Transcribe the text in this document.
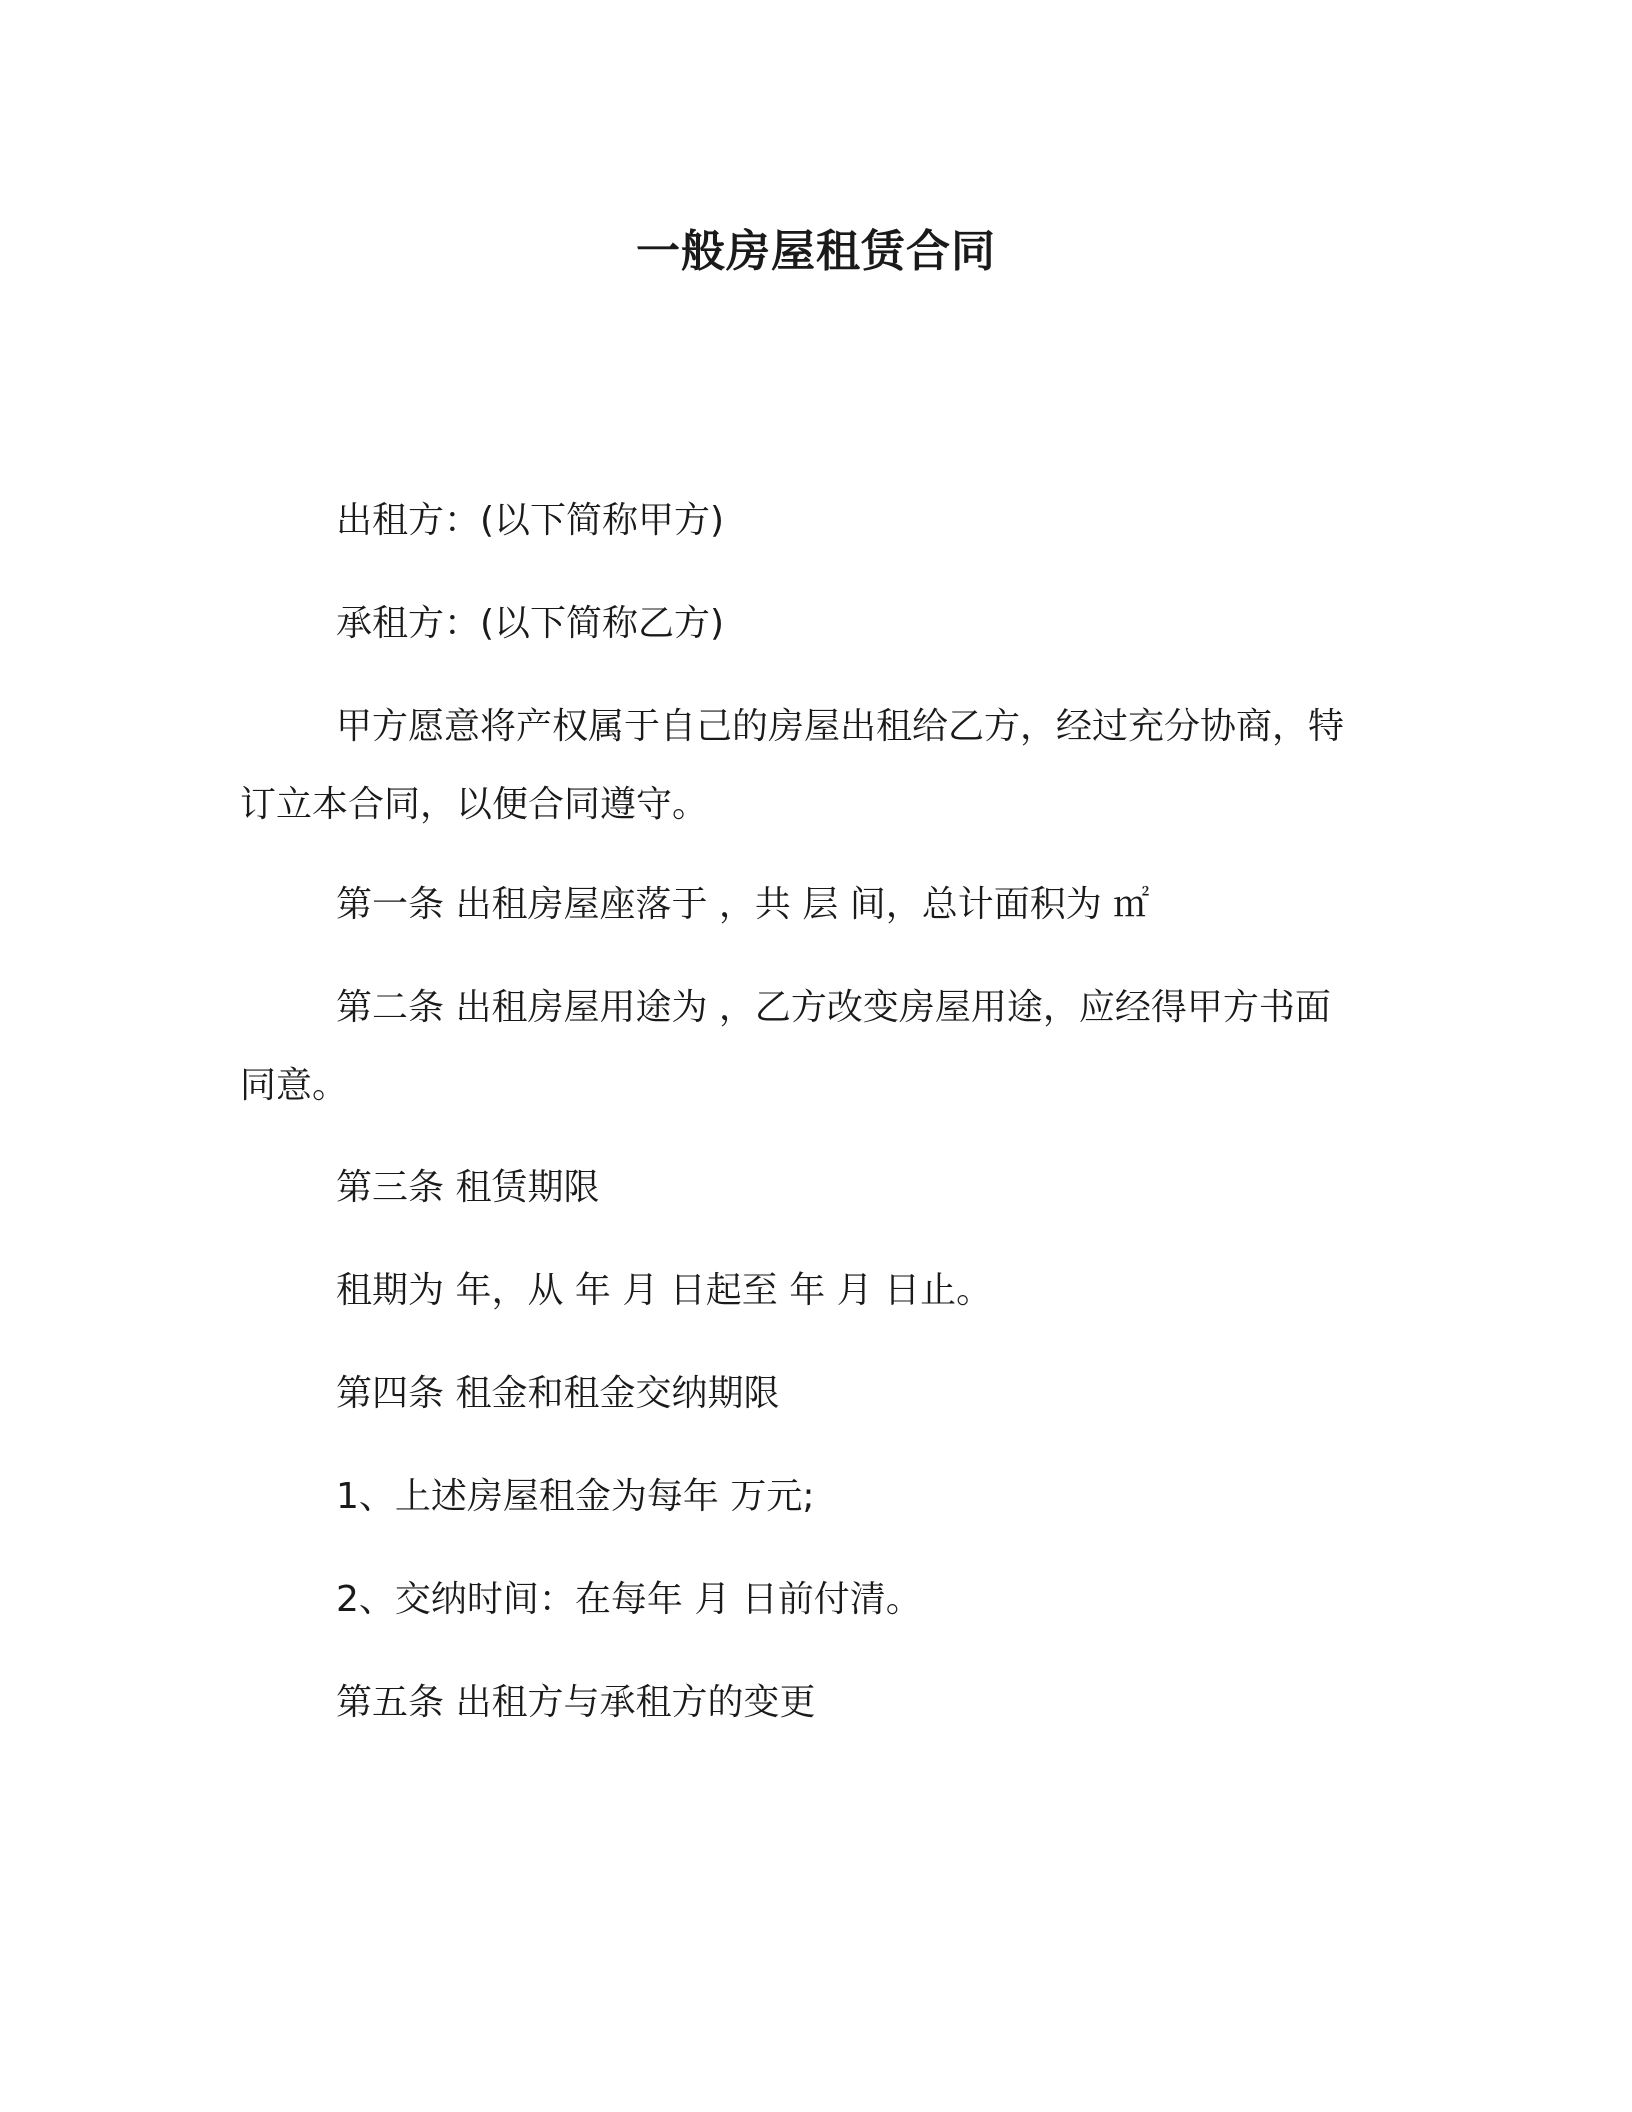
一般房屋租赁合同

出租方：(以下简称甲方)

承租方：(以下简称乙方)

甲方愿意将产权属于自己的房屋出租给乙方，经过充分协商，特

订立本合同，以便合同遵守。

第一条 出租房屋座落于 ，共 层 间，总计面积为 ㎡

第二条 出租房屋用途为 ，乙方改变房屋用途，应经得甲方书面

同意。

第三条 租赁期限

租期为 年，从 年 月 日起至 年 月 日止。

第四条 租金和租金交纳期限

1、上述房屋租金为每年 万元;

2、交纳时间：在每年 月 日前付清。

第五条 出租方与承租方的变更
